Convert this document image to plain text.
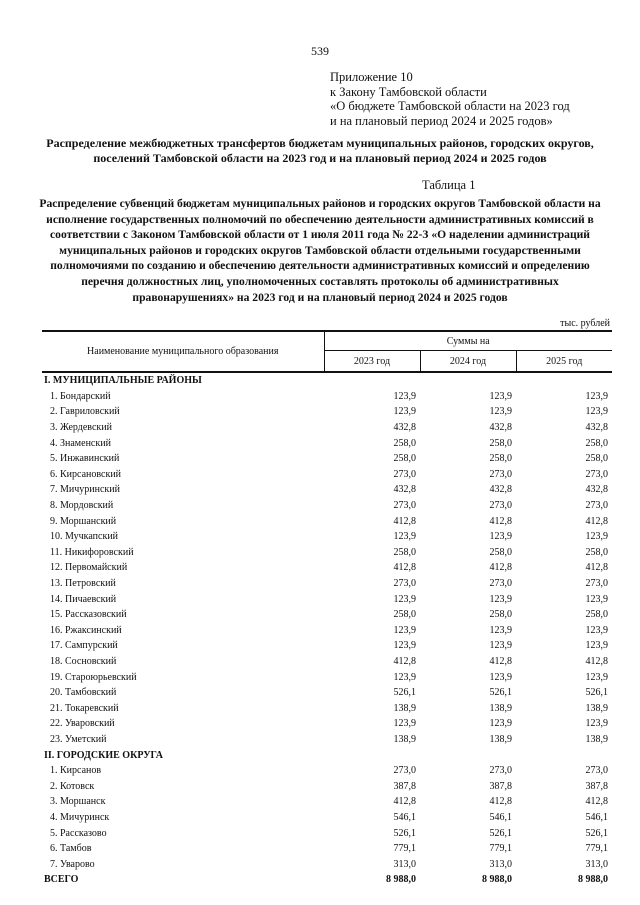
539
Приложение 10
к Закону Тамбовской области
«О бюджете Тамбовской области на 2023 год
и на плановый период 2024 и 2025 годов»
Распределение межбюджетных трансфертов бюджетам муниципальных районов, городских округов, поселений Тамбовской области на 2023 год и на плановый период 2024 и 2025 годов
Таблица 1
Распределение субвенций бюджетам муниципальных районов и городских округов Тамбовской области на исполнение государственных полномочий по обеспечению деятельности административных комиссий в соответствии с Законом Тамбовской области от 1 июля 2011 года № 22-З «О наделении администраций муниципальных районов и городских округов Тамбовской области отдельными государственными полномочиями по созданию и обеспечению деятельности административных комиссий и определению перечня должностных лиц, уполномоченных составлять протоколы об административных правонарушениях» на 2023 год и на плановый период 2024 и 2025 годов
тыс. рублей
Наименование муниципального образования	Суммы на		
	2023 год	2024 год	2025 год
I. МУНИЦИПАЛЬНЫЕ РАЙОНЫ			
1. Бондарский	123,9	123,9	123,9
2. Гавриловский	123,9	123,9	123,9
3. Жердевский	432,8	432,8	432,8
4. Знаменский	258,0	258,0	258,0
5. Инжавинский	258,0	258,0	258,0
6. Кирсановский	273,0	273,0	273,0
7. Мичуринский	432,8	432,8	432,8
8. Мордовский	273,0	273,0	273,0
9. Моршанский	412,8	412,8	412,8
10. Мучкапский	123,9	123,9	123,9
11. Никифоровский	258,0	258,0	258,0
12. Первомайский	412,8	412,8	412,8
13. Петровский	273,0	273,0	273,0
14. Пичаевский	123,9	123,9	123,9
15. Рассказовский	258,0	258,0	258,0
16. Ржаксинский	123,9	123,9	123,9
17. Сампурский	123,9	123,9	123,9
18. Сосновский	412,8	412,8	412,8
19. Староюрьевский	123,9	123,9	123,9
20. Тамбовский	526,1	526,1	526,1
21. Токаревский	138,9	138,9	138,9
22. Уваровский	123,9	123,9	123,9
23. Уметский	138,9	138,9	138,9
II. ГОРОДСКИЕ ОКРУГА			
1. Кирсанов	273,0	273,0	273,0
2. Котовск	387,8	387,8	387,8
3. Моршанск	412,8	412,8	412,8
4. Мичуринск	546,1	546,1	546,1
5. Рассказово	526,1	526,1	526,1
6. Тамбов	779,1	779,1	779,1
7. Уварово	313,0	313,0	313,0
ВСЕГО	8 988,0	8 988,0	8 988,0
